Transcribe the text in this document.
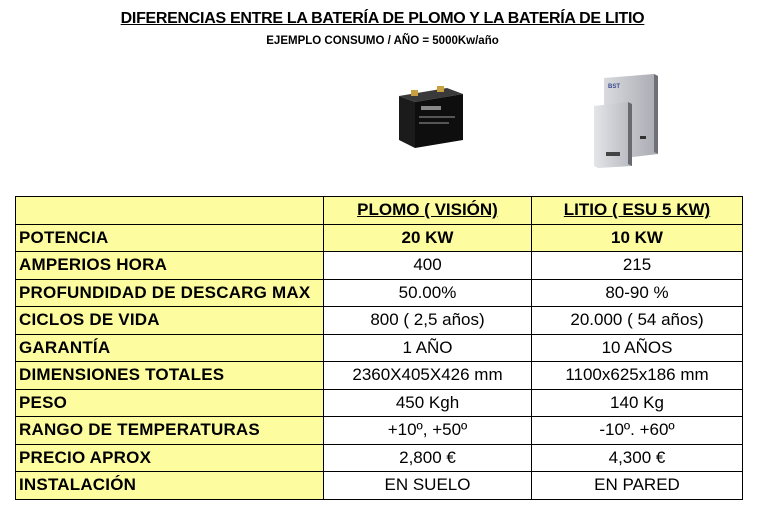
DIFERENCIAS ENTRE LA BATERÍA DE PLOMO Y LA BATERÍA DE LITIO
EJEMPLO CONSUMO / AÑO = 5000Kw/año
BST
	PLOMO ( VISIÓN)	LITIO ( ESU 5 KW)
POTENCIA	20 KW	10 KW
AMPERIOS HORA	400	215
PROFUNDIDAD DE DESCARG MAX	50.00%	80-90 %
CICLOS DE VIDA	800 ( 2,5 años)	20.000 ( 54 años)
GARANTÍA	1 AÑO	10 AÑOS
DIMENSIONES TOTALES	2360X405X426 mm	1100x625x186 mm
PESO	450 Kgh	140 Kg
RANGO DE TEMPERATURAS	+10º, +50º	-10º. +60º
PRECIO APROX	2,800 €	4,300 €
INSTALACIÓN	EN SUELO	EN PARED
